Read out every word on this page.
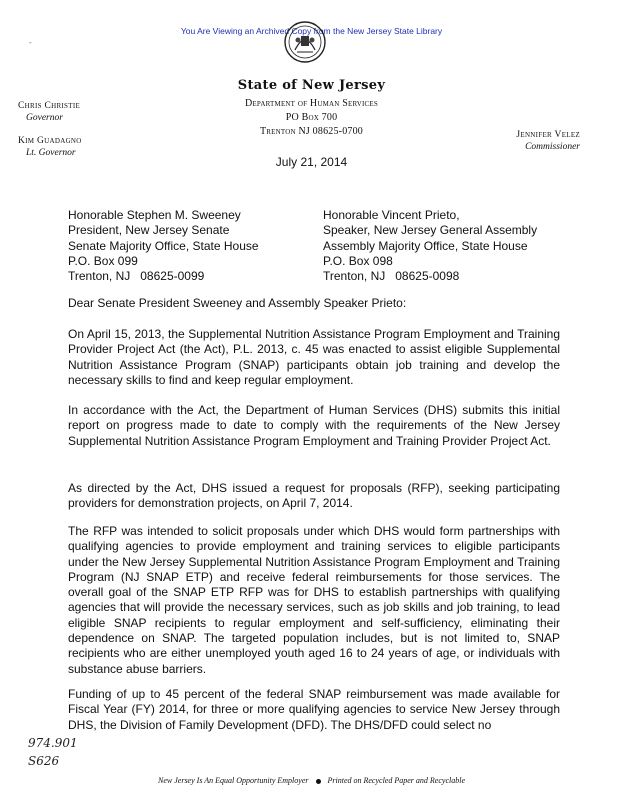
You Are Viewing an Archived Copy from the New Jersey State Library
-
State of New Jersey
Department of Human Services
PO Box 700
Trenton NJ 08625-0700
Chris Christie
Governor
Kim Guadagno
Lt. Governor
Jennifer Velez
Commissioner
July 21, 2014
Honorable Stephen M. Sweeney
President, New Jersey Senate
Senate Majority Office, State House
P.O. Box 099
Trenton, NJ   08625-0099
Honorable Vincent Prieto,
Speaker, New Jersey General Assembly
Assembly Majority Office, State House
P.O. Box 098
Trenton, NJ   08625-0098
Dear Senate President Sweeney and Assembly Speaker Prieto:
On April 15, 2013, the Supplemental Nutrition Assistance Program Employment and Training Provider Project Act (the Act), P.L. 2013, c. 45 was enacted to assist eligible Supplemental Nutrition Assistance Program (SNAP) participants obtain job training and develop the necessary skills to find and keep regular employment.
In accordance with the Act, the Department of Human Services (DHS) submits this initial report on progress made to date to comply with the requirements of the New Jersey Supplemental Nutrition Assistance Program Employment and Training Provider Project Act.
As directed by the Act, DHS issued a request for proposals (RFP), seeking participating providers for demonstration projects, on April 7, 2014.
The RFP was intended to solicit proposals under which DHS would form partnerships with qualifying agencies to provide employment and training services to eligible participants under the New Jersey Supplemental Nutrition Assistance Program Employment and Training Program (NJ SNAP ETP) and receive federal reimbursements for those services. The overall goal of the SNAP ETP RFP was for DHS to establish partnerships with qualifying agencies that will provide the necessary services, such as job skills and job training, to lead eligible SNAP recipients to regular employment and self-sufficiency, eliminating their dependence on SNAP. The targeted population includes, but is not limited to, SNAP recipients who are either unemployed youth aged 16 to 24 years of age, or individuals with substance abuse barriers.
Funding of up to 45 percent of the federal SNAP reimbursement was made available for Fiscal Year (FY) 2014, for three or more qualifying agencies to service New Jersey through DHS, the Division of Family Development (DFD). The DHS/DFD could select no
974.901
S626
New Jersey Is An Equal Opportunity Employer Printed on Recycled Paper and Recyclable
